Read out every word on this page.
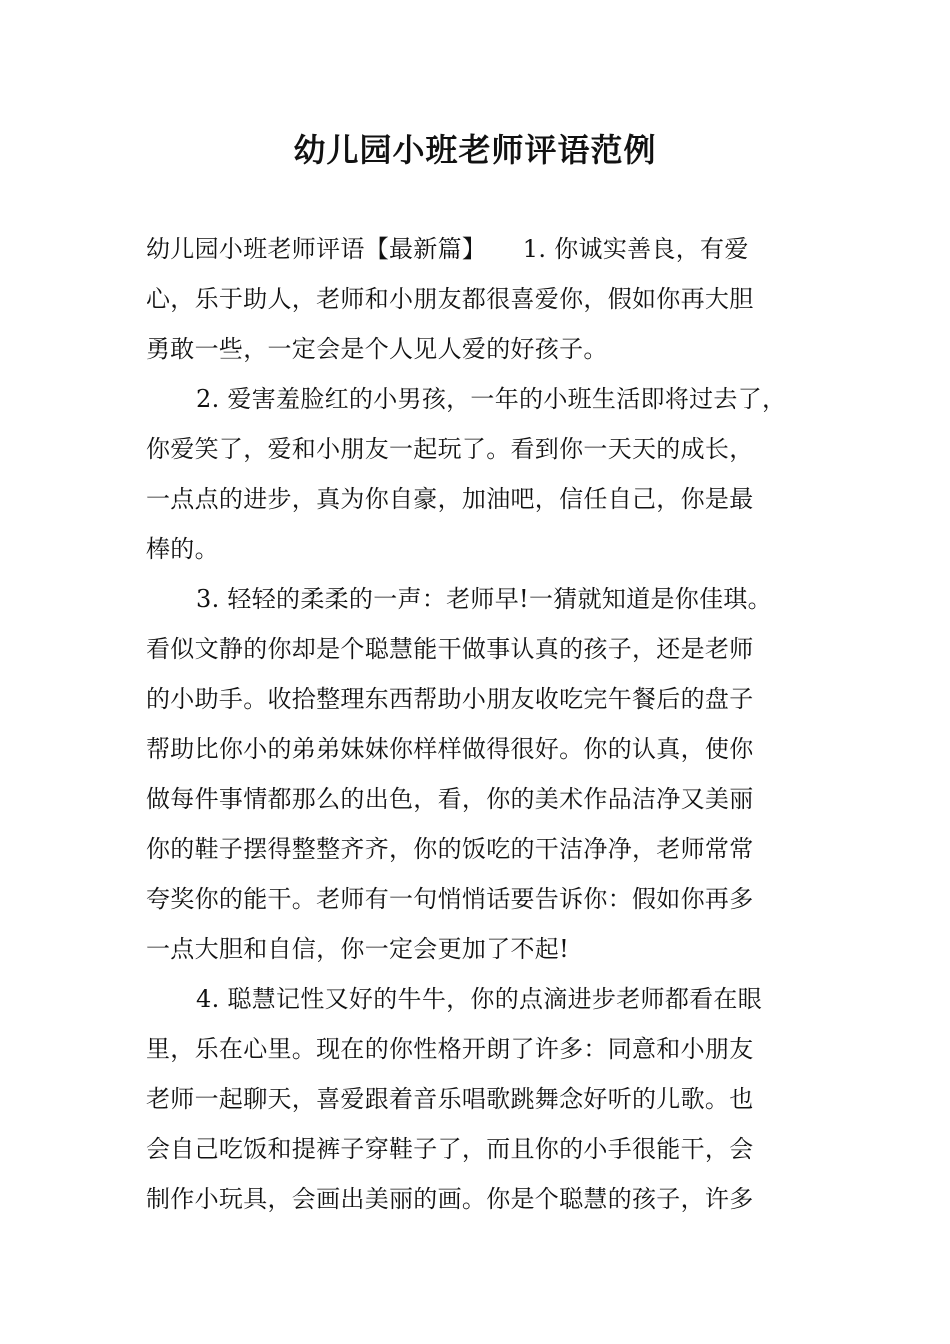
幼儿园小班老师评语范例
幼儿园小班老师评语【最新篇】　　1. 你诚实善良，有爱
心，乐于助人，老师和小朋友都很喜爱你，假如你再大胆
勇敢一些，一定会是个人见人爱的好孩子。
2. 爱害羞脸红的小男孩，一年的小班生活即将过去了，
你爱笑了，爱和小朋友一起玩了。看到你一天天的成长，
一点点的进步，真为你自豪，加油吧，信任自己，你是最
棒的。
3. 轻轻的柔柔的一声：老师早!一猜就知道是你佳琪。
看似文静的你却是个聪慧能干做事认真的孩子，还是老师
的小助手。收拾整理东西帮助小朋友收吃完午餐后的盘子
帮助比你小的弟弟妹妹你样样做得很好。你的认真，使你
做每件事情都那么的出色，看，你的美术作品洁净又美丽
你的鞋子摆得整整齐齐，你的饭吃的干洁净净，老师常常
夸奖你的能干。老师有一句悄悄话要告诉你：假如你再多
一点大胆和自信，你一定会更加了不起!
4. 聪慧记性又好的牛牛，你的点滴进步老师都看在眼
里，乐在心里。现在的你性格开朗了许多：同意和小朋友
老师一起聊天，喜爱跟着音乐唱歌跳舞念好听的儿歌。也
会自己吃饭和提裤子穿鞋子了，而且你的小手很能干，会
制作小玩具，会画出美丽的画。你是个聪慧的孩子，许多
